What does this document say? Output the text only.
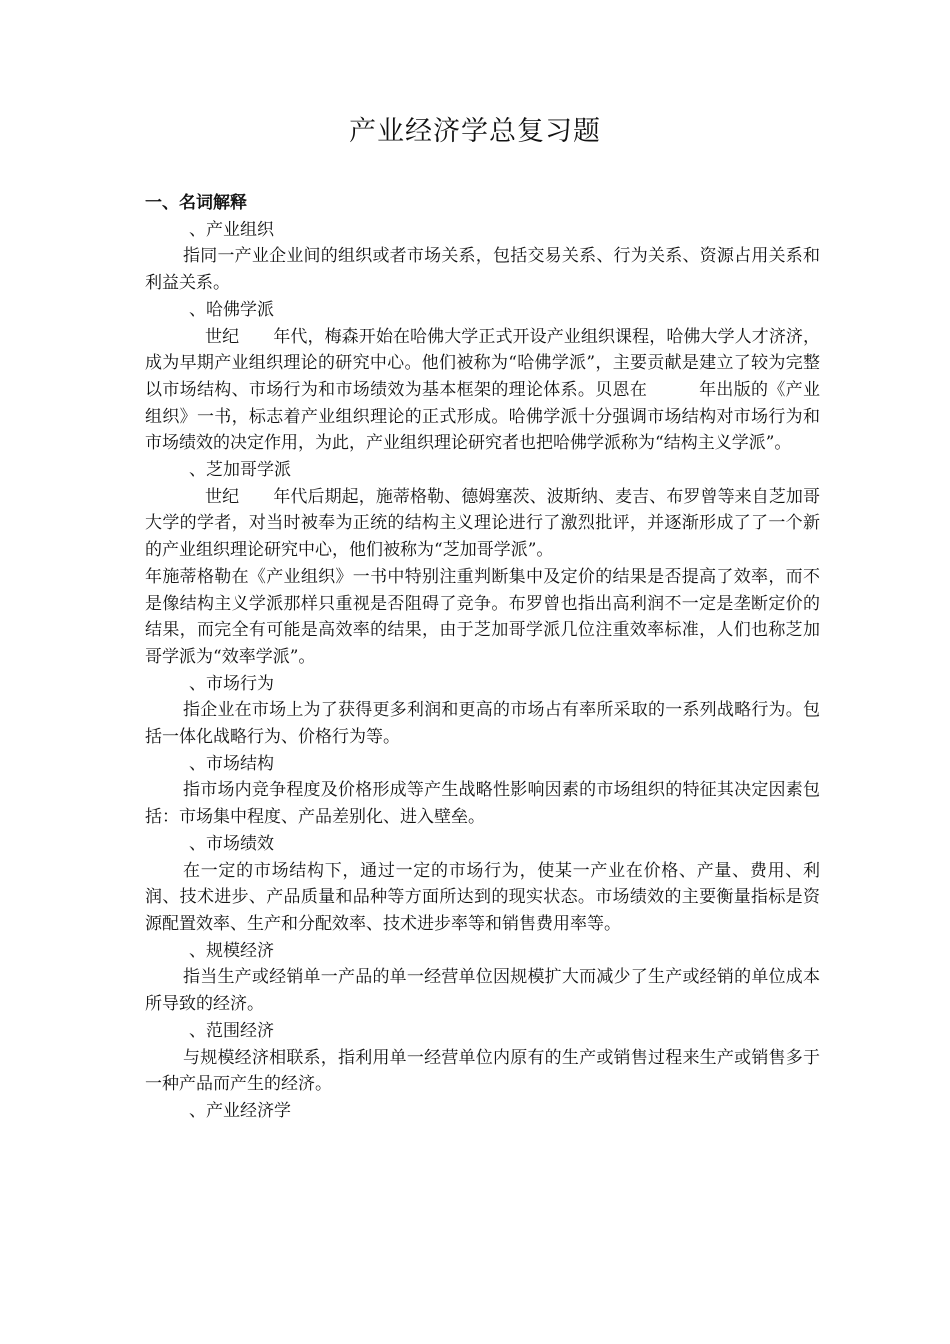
产业经济学总复习题

一、名词解释

、产业组织

指同一产业企业间的组织或者市场关系，包括交易关系、行为关系、资源占用关系和利益关系。

、哈佛学派

世纪　　年代，梅森开始在哈佛大学正式开设产业组织课程，哈佛大学人才济济，成为早期产业组织理论的研究中心。他们被称为“哈佛学派”，主要贡献是建立了较为完整以市场结构、市场行为和市场绩效为基本框架的理论体系。贝恩在　　　年出版的《产业组织》一书，标志着产业组织理论的正式形成。哈佛学派十分强调市场结构对市场行为和市场绩效的决定作用，为此，产业组织理论研究者也把哈佛学派称为“结构主义学派”。

、芝加哥学派

世纪　　年代后期起，施蒂格勒、德姆塞茨、波斯纳、麦吉、布罗曾等来自芝加哥大学的学者，对当时被奉为正统的结构主义理论进行了激烈批评，并逐渐形成了了一个新的产业组织理论研究中心，他们被称为“芝加哥学派”。

年施蒂格勒在《产业组织》一书中特别注重判断集中及定价的结果是否提高了效率，而不是像结构主义学派那样只重视是否阻碍了竞争。布罗曾也指出高利润不一定是垄断定价的结果，而完全有可能是高效率的结果，由于芝加哥学派几位注重效率标准，人们也称芝加哥学派为“效率学派”。

、市场行为

指企业在市场上为了获得更多利润和更高的市场占有率所采取的一系列战略行为。包括一体化战略行为、价格行为等。

、市场结构

指市场内竞争程度及价格形成等产生战略性影响因素的市场组织的特征其决定因素包括：市场集中程度、产品差别化、进入壁垒。

、市场绩效

在一定的市场结构下，通过一定的市场行为，使某一产业在价格、产量、费用、利润、技术进步、产品质量和品种等方面所达到的现实状态。市场绩效的主要衡量指标是资源配置效率、生产和分配效率、技术进步率等和销售费用率等。

、规模经济

指当生产或经销单一产品的单一经营单位因规模扩大而减少了生产或经销的单位成本所导致的经济。

、范围经济

与规模经济相联系，指利用单一经营单位内原有的生产或销售过程来生产或销售多于一种产品而产生的经济。

、产业经济学
